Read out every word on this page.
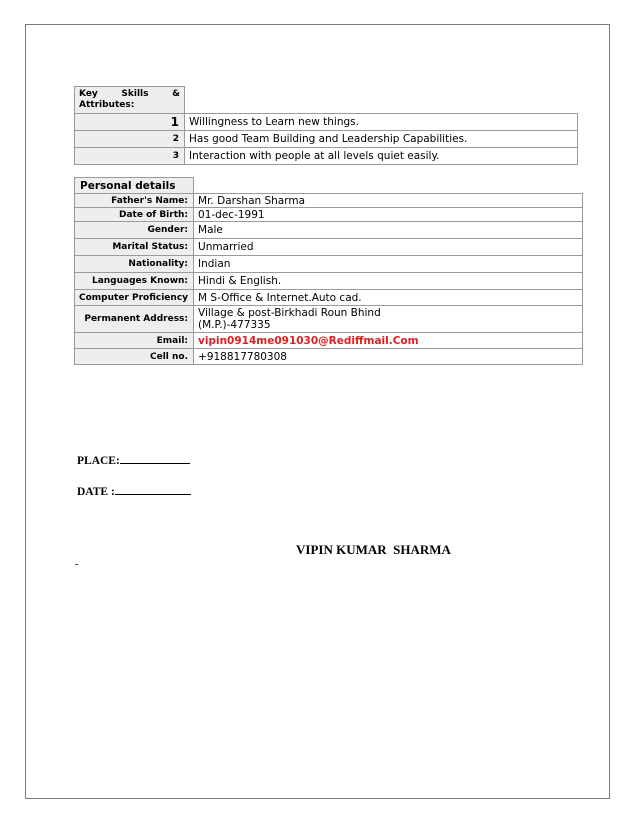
Key Skills &
Attributes:	

1	Willingness to Learn new things.
2	Has good Team Building and Leadership Capabilities.
3	Interaction with people at all levels quiet easily.
Personal details	
Father's Name:	Mr. Darshan Sharma
Date of Birth:	01-dec-1991
Gender:	Male
Marital Status:	Unmarried
Nationality:	Indian
Languages Known:	Hindi & English.
Computer Proficiency	M S-Office & Internet.Auto cad.
Permanent Address:	Village & post-Birkhadi Roun Bhind
(M.P.)-477335

Email:	vipin0914me091030@Rediffmail.Com
Cell no.	+918817780308
PLACE:
DATE :
VIPIN KUMAR  SHARMA
-
